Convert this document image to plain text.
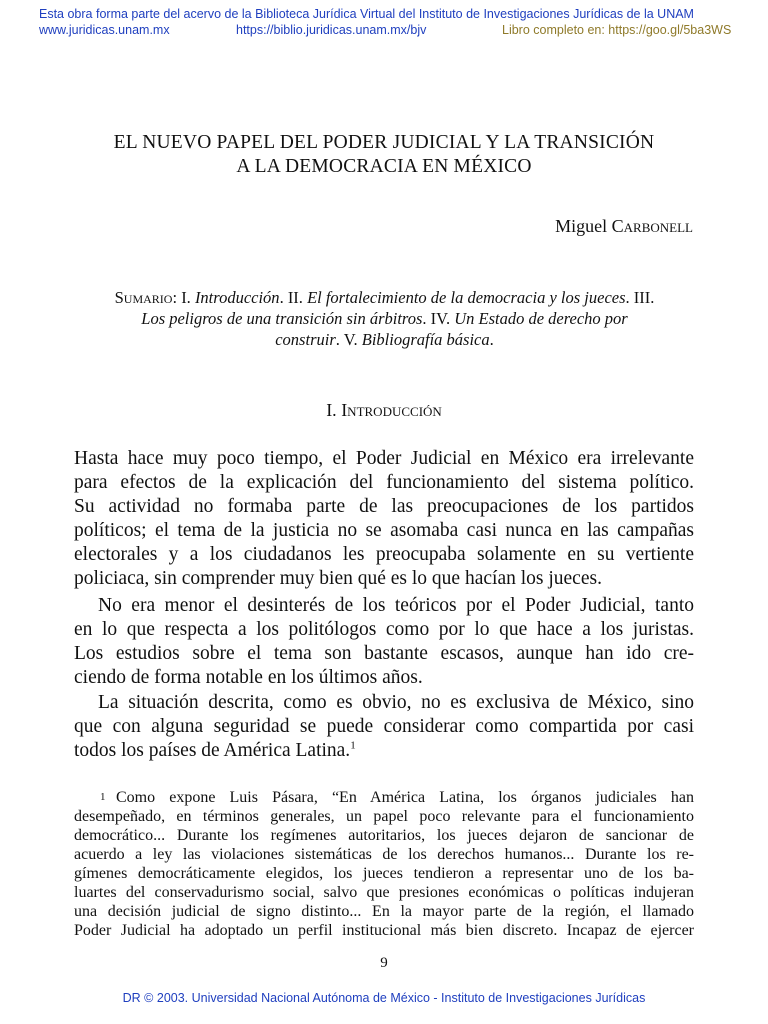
Esta obra forma parte del acervo de la Biblioteca Jurídica Virtual del Instituto de Investigaciones Jurídicas de la UNAM
www.juridicas.unam.mx	https://biblio.juridicas.unam.mx/bjv	Libro completo en: https://goo.gl/5ba3WS
EL NUEVO PAPEL DEL PODER JUDICIAL Y LA TRANSICIÓN
A LA DEMOCRACIA EN MÉXICO
Miguel Carbonell
Sumario: I. Introducción. II. El fortalecimiento de la democracia y los jueces. III. Los peligros de una transición sin árbitros. IV. Un Estado de derecho por construir. V. Bibliografía básica.
I. Introducción
Hasta hace muy poco tiempo, el Poder Judicial en México era irrelevante
para efectos de la explicación del funcionamiento del sistema político.
Su actividad no formaba parte de las preocupaciones de los partidos
políticos; el tema de la justicia no se asomaba casi nunca en las campañas
electorales y a los ciudadanos les preocupaba solamente en su vertiente
policiaca, sin comprender muy bien qué es lo que hacían los jueces.
No era menor el desinterés de los teóricos por el Poder Judicial, tanto
en lo que respecta a los politólogos como por lo que hace a los juristas.
Los estudios sobre el tema son bastante escasos, aunque han ido cre-
ciendo de forma notable en los últimos años.
La situación descrita, como es obvio, no es exclusiva de México, sino
que con alguna seguridad se puede considerar como compartida por casi
todos los países de América Latina.$^1$
1 Como expone Luis Pásara, “En América Latina, los órganos judiciales han
desempeñado, en términos generales, un papel poco relevante para el funcionamiento
democrático... Durante los regímenes autoritarios, los jueces dejaron de sancionar de
acuerdo a ley las violaciones sistemáticas de los derechos humanos... Durante los re-
gímenes democráticamente elegidos, los jueces tendieron a representar uno de los ba-
luartes del conservadurismo social, salvo que presiones económicas o políticas indujeran
una decisión judicial de signo distinto... En la mayor parte de la región, el llamado
Poder Judicial ha adoptado un perfil institucional más bien discreto. Incapaz de ejercer
9
DR © 2003. Universidad Nacional Autónoma de México - Instituto de Investigaciones Jurídicas
